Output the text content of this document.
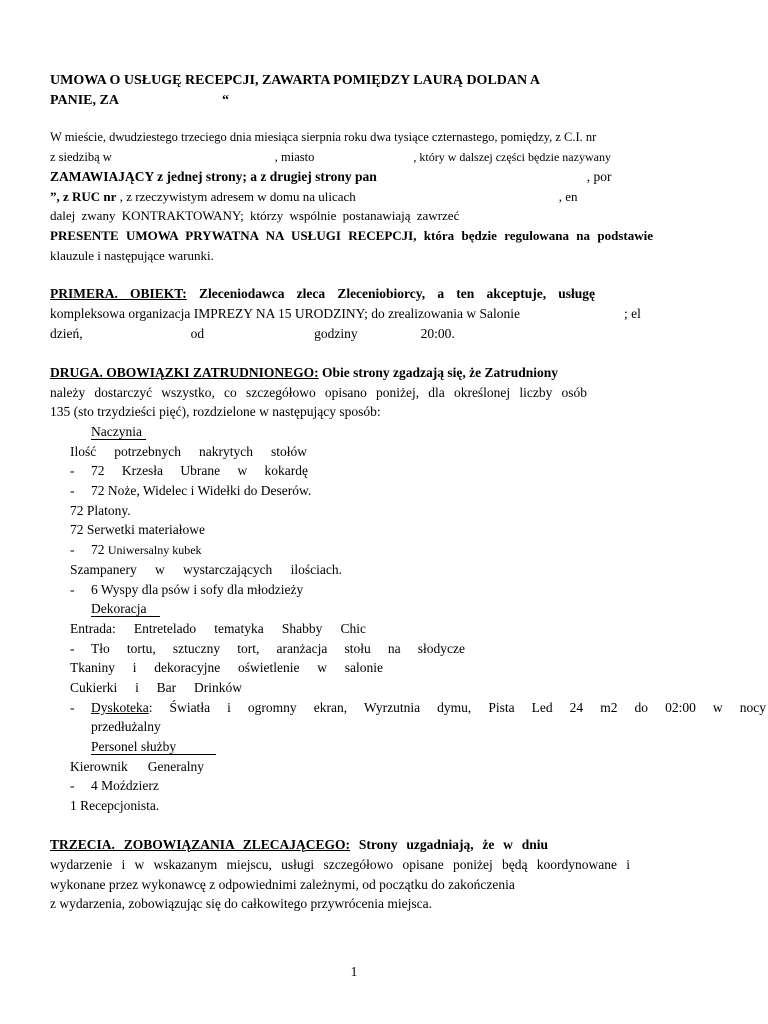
UMOWA O USŁUGĘ RECEPCJI, ZAWARTA POMIĘDZY LAURĄ DOLDAN A
PANIE, ZA	“
W mieście, dwudziestego trzeciego dnia miesiąca sierpnia roku dwa tysiące czternastego, pomiędzy, z C.I. nr
z siedzibą w	, miasto	, który w dalszej części będzie nazywany
ZAMAWIAJĄCY z jednej strony; a z drugiej strony pan	, por
”, z RUC nr , z rzeczywistym adresem w domu na ulicach	, en
dalej zwany KONTRAKTOWANY; którzy wspólnie postanawiają zawrzeć
PRESENTE UMOWA PRYWATNA NA USŁUGI RECEPCJI, która będzie regulowana na podstawie
klauzule i następujące warunki.
PRIMERA. OBIEKT: Zleceniodawca zleca Zleceniobiorcy, a ten akceptuje, usługę
kompleksowa organizacja IMPREZY NA 15 URODZINY; do zrealizowania w Salonie	; el
dzień,	od	godziny	20:00.
DRUGA. OBOWIĄZKI ZATRUDNIONEGO: Obie strony zgadzają się, że Zatrudniony
należy dostarczyć wszystko, co szczegółowo opisano poniżej, dla określonej liczby osób
135 (sto trzydzieści pięć), rozdzielone w następujący sposób:
Naczynia
Ilość potrzebnych nakrytych stołów
- 72 Krzesła Ubrane w kokardę
- 72 Noże, Widelec i Widełki do Deserów.
72 Platony.
72 Serwetki materiałowe
- 72 Uniwersalny kubek
Szampanery w wystarczających ilościach.
- 6 Wyspy dla psów i sofy dla młodzieży
Dekoracja
Entrada: Entretelado tematyka Shabby Chic
- Tło tortu, sztuczny tort, aranżacja stołu na słodycze
Tkaniny i dekoracyjne oświetlenie w salonie
Cukierki i Bar Drinków
- Dyskoteka: Światła i ogromny ekran, Wyrzutnia dymu, Pista Led 24 m2 do 02:00 w nocy
przedłużalny
Personel służby
Kierownik Generalny
- 4 Moździerz
1 Recepcjonista.
TRZECIA. ZOBOWIĄZANIA ZLECAJĄCEGO: Strony uzgadniają, że w dniu
wydarzenie i w wskazanym miejscu, usługi szczegółowo opisane poniżej będą koordynowane i
wykonane przez wykonawcę z odpowiednimi zależnymi, od początku do zakończenia
z wydarzenia, zobowiązując się do całkowitego przywrócenia miejsca.
1
